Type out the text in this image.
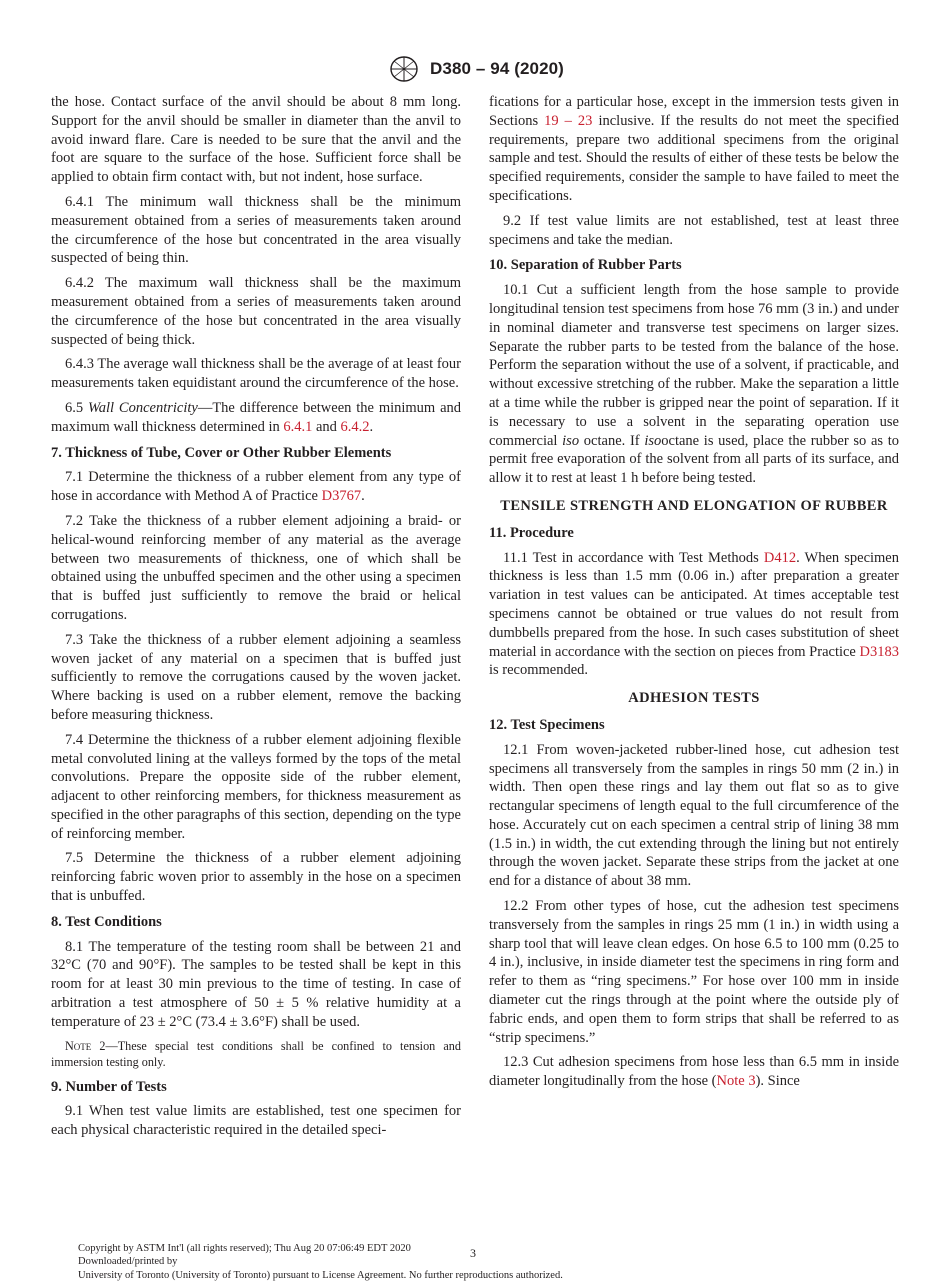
D380 – 94 (2020)

the hose. Contact surface of the anvil should be about 8 mm long. Support for the anvil should be smaller in diameter than the anvil to avoid inward flare. Care is needed to be sure that the anvil and the foot are square to the surface of the hose. Sufficient force shall be applied to obtain firm contact with, but not indent, hose surface.

6.4.1 The minimum wall thickness shall be the minimum measurement obtained from a series of measurements taken around the circumference of the hose but concentrated in the area visually suspected of being thin.

6.4.2 The maximum wall thickness shall be the maximum measurement obtained from a series of measurements taken around the circumference of the hose but concentrated in the area visually suspected of being thick.

6.4.3 The average wall thickness shall be the average of at least four measurements taken equidistant around the circumference of the hose.

6.5 Wall Concentricity—The difference between the minimum and maximum wall thickness determined in 6.4.1 and 6.4.2.

7. Thickness of Tube, Cover or Other Rubber Elements

7.1 Determine the thickness of a rubber element from any type of hose in accordance with Method A of Practice D3767.

7.2 Take the thickness of a rubber element adjoining a braid- or helical-wound reinforcing member of any material as the average between two measurements of thickness, one of which shall be obtained using the unbuffed specimen and the other using a specimen that is buffed just sufficiently to remove the braid or helical corrugations.

7.3 Take the thickness of a rubber element adjoining a seamless woven jacket of any material on a specimen that is buffed just sufficiently to remove the corrugations caused by the woven jacket. Where backing is used on a rubber element, remove the backing before measuring thickness.

7.4 Determine the thickness of a rubber element adjoining flexible metal convoluted lining at the valleys formed by the tops of the metal convolutions. Prepare the opposite side of the rubber element, adjacent to other reinforcing members, for thickness measurement as specified in the other paragraphs of this section, depending on the type of reinforcing member.

7.5 Determine the thickness of a rubber element adjoining reinforcing fabric woven prior to assembly in the hose on a specimen that is unbuffed.

8. Test Conditions

8.1 The temperature of the testing room shall be between 21 and 32°C (70 and 90°F). The samples to be tested shall be kept in this room for at least 30 min previous to the time of testing. In case of arbitration a test atmosphere of 50 ± 5 % relative humidity at a temperature of 23 ± 2°C (73.4 ± 3.6°F) shall be used.

Note 2—These special test conditions shall be confined to tension and immersion testing only.

9. Number of Tests

9.1 When test value limits are established, test one specimen for each physical characteristic required in the detailed speci-

fications for a particular hose, except in the immersion tests given in Sections 19 – 23 inclusive. If the results do not meet the specified requirements, prepare two additional specimens from the original sample and test. Should the results of either of these tests be below the specified requirements, consider the sample to have failed to meet the specifications.

9.2 If test value limits are not established, test at least three specimens and take the median.

10. Separation of Rubber Parts

10.1 Cut a sufficient length from the hose sample to provide longitudinal tension test specimens from hose 76 mm (3 in.) and under in nominal diameter and transverse test specimens on larger sizes. Separate the rubber parts to be tested from the balance of the hose. Perform the separation without the use of a solvent, if practicable, and without excessive stretching of the rubber. Make the separation a little at a time while the rubber is gripped near the point of separation. If it is necessary to use a solvent in the separating operation use commercial iso octane. If isooctane is used, place the rubber so as to permit free evaporation of the solvent from all parts of its surface, and allow it to rest at least 1 h before being tested.

TENSILE STRENGTH AND ELONGATION OF RUBBER
11. Procedure

11.1 Test in accordance with Test Methods D412. When specimen thickness is less than 1.5 mm (0.06 in.) after preparation a greater variation in test values can be anticipated. At times acceptable test specimens cannot be obtained or true values do not result from dumbbells prepared from the hose. In such cases substitution of sheet material in accordance with the section on pieces from Practice D3183 is recommended.

ADHESION TESTS
12. Test Specimens

12.1 From woven-jacketed rubber-lined hose, cut adhesion test specimens all transversely from the samples in rings 50 mm (2 in.) in width. Then open these rings and lay them out flat so as to give rectangular specimens of length equal to the full circumference of the hose. Accurately cut on each specimen a central strip of lining 38 mm (1.5 in.) in width, the cut extending through the lining but not entirely through the woven jacket. Separate these strips from the jacket at one end for a distance of about 38 mm.

12.2 From other types of hose, cut the adhesion test specimens transversely from the samples in rings 25 mm (1 in.) in width using a sharp tool that will leave clean edges. On hose 6.5 to 100 mm (0.25 to 4 in.), inclusive, in inside diameter test the specimens in ring form and refer to them as “ring specimens.” For hose over 100 mm in inside diameter cut the rings through at the point where the outside ply of fabric ends, and open them to form strips that shall be referred to as “strip specimens.”

12.3 Cut adhesion specimens from hose less than 6.5 mm in inside diameter longitudinally from the hose (Note 3). Since

Copyright by ASTM Int'l (all rights reserved); Thu Aug 20 07:06:49 EDT 2020
Downloaded/printed by
University of Toronto (University of Toronto) pursuant to License Agreement. No further reproductions authorized.
3
